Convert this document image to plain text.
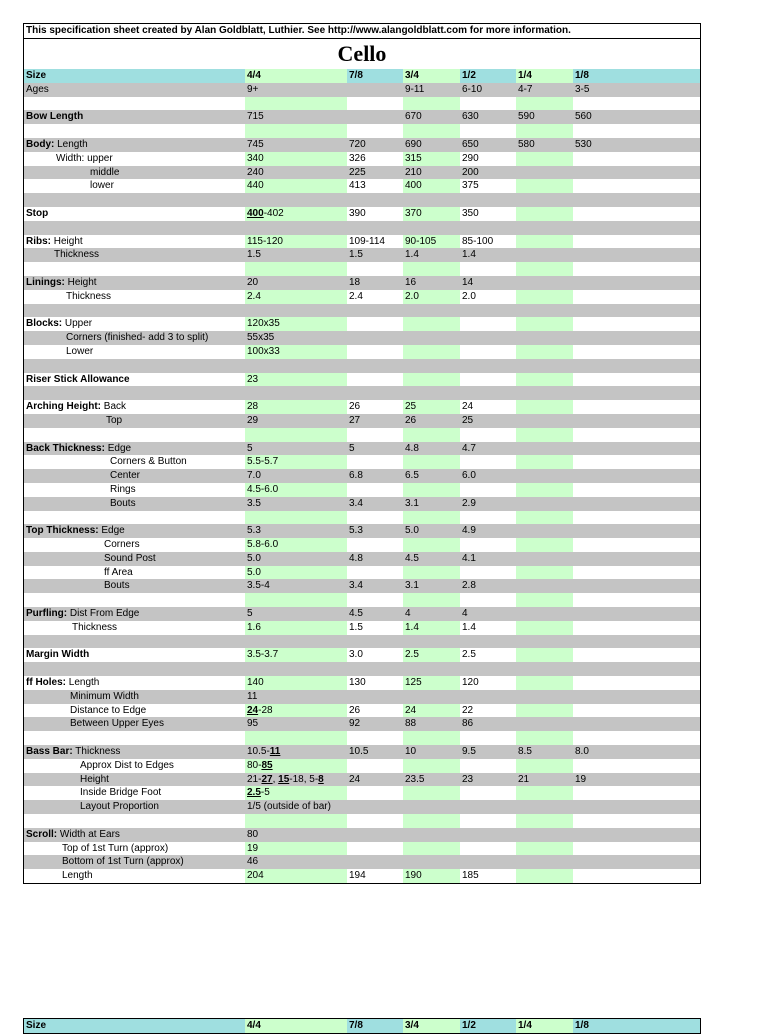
This specification sheet created by Alan Goldblatt, Luthier. See http://www.alangoldblatt.com for more information.
Cello
Size	4/4	7/8	3/4	1/2	1/4	1/8
Ages	9+		9-11	6-10	4-7	3-5

Bow Length	715		670	630	590	560

Body: Length	745	720	690	650	580	530
Width: upper	340	326	315	290		
middle	240	225	210	200		
lower	440	413	400	375		

Stop	400-402	390	370	350		

Ribs: Height	115-120	109-114	90-105	85-100		
Thickness	1.5	1.5	1.4	1.4		

Linings: Height	20	18	16	14		
Thickness	2.4	2.4	2.0	2.0		

Blocks: Upper	120x35					
Corners (finished- add 3 to split)	55x35					
Lower	100x33					

Riser Stick Allowance	23					

Arching Height: Back	28	26	25	24		
Top	29	27	26	25		

Back Thickness: Edge	5	5	4.8	4.7		
Corners & Button	5.5-5.7					
Center	7.0	6.8	6.5	6.0		
Rings	4.5-6.0					
Bouts	3.5	3.4	3.1	2.9		

Top Thickness: Edge	5.3	5.3	5.0	4.9		
Corners	5.8-6.0					
Sound Post	5.0	4.8	4.5	4.1		
ff Area	5.0					
Bouts	3.5-4	3.4	3.1	2.8		

Purfling: Dist From Edge	5	4.5	4	4		
Thickness	1.6	1.5	1.4	1.4		

Margin Width	3.5-3.7	3.0	2.5	2.5		

ff Holes: Length	140	130	125	120		
Minimum Width	11					
Distance to Edge	24-28	26	24	22		
Between Upper Eyes	95	92	88	86		

Bass Bar: Thickness	10.5-11	10.5	10	9.5	8.5	8.0
Approx Dist to Edges	80-85					
Height	21-27, 15-18, 5-8	24	23.5	23	21	19
Inside Bridge Foot	2.5-5					
Layout Proportion	1/5 (outside of bar)					

Scroll: Width at Ears	80					
Top of 1st Turn (approx)	19					
Bottom of 1st Turn (approx)	46					
Length	204	194	190	185		
Size	4/4	7/8	3/4	1/2	1/4	1/8
